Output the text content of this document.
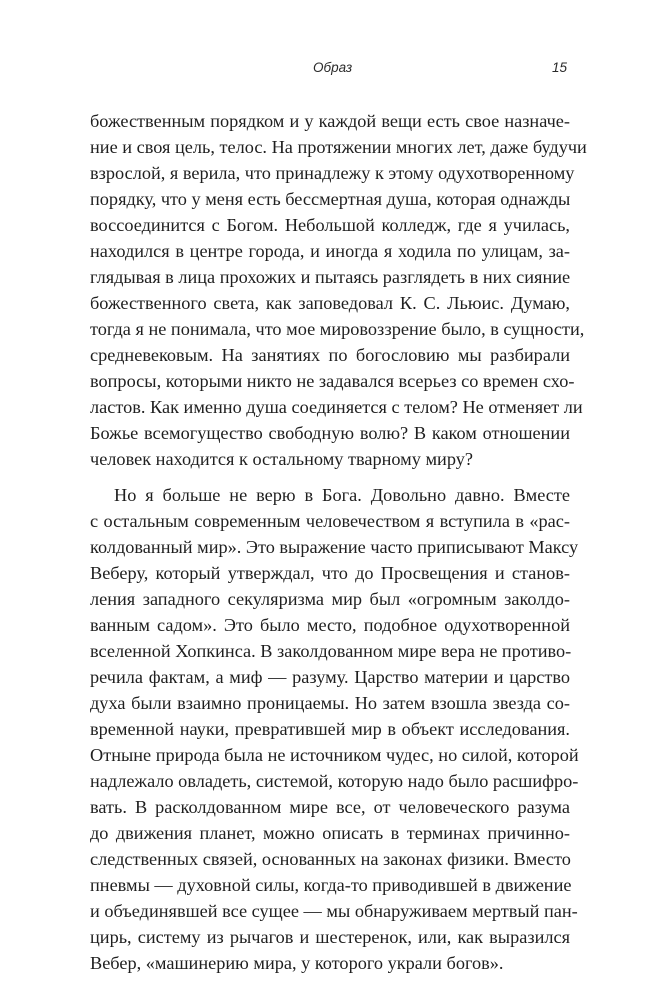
Образ	15
божественным порядком и у каждой вещи есть свое назначе-
ние и своя цель, телос. На протяжении многих лет, даже будучи
взрослой, я верила, что принадлежу к этому одухотворенному
порядку, что у меня есть бессмертная душа, которая однажды
воссоединится с Богом. Небольшой колледж, где я училась,
находился в центре города, и иногда я ходила по улицам, за-
глядывая в лица прохожих и пытаясь разглядеть в них сияние
божественного света, как заповедовал К. С. Льюис. Думаю,
тогда я не понимала, что мое мировоззрение было, в сущности,
средневековым. На занятиях по богословию мы разбирали
вопросы, которыми никто не задавался всерьез со времен схо-
ластов. Как именно душа соединяется с телом? Не отменяет ли
Божье всемогущество свободную волю? В каком отношении
человек находится к остальному тварному миру?
Но я больше не верю в Бога. Довольно давно. Вместе
с остальным современным человечеством я вступила в «рас-
колдованный мир». Это выражение часто приписывают Максу
Веберу, который утверждал, что до Просвещения и станов-
ления западного секуляризма мир был «огромным заколдо-
ванным садом». Это было место, подобное одухотворенной
вселенной Хопкинса. В заколдованном мире вера не противо-
речила фактам, а миф — разуму. Царство материи и царство
духа были взаимно проницаемы. Но затем взошла звезда со-
временной науки, превратившей мир в объект исследования.
Отныне природа была не источником чудес, но силой, которой
надлежало овладеть, системой, которую надо было расшифро-
вать. В расколдованном мире все, от человеческого разума
до движения планет, можно описать в терминах причинно-
следственных связей, основанных на законах физики. Вместо
пневмы — духовной силы, когда-то приводившей в движение
и объединявшей все сущее — мы обнаруживаем мертвый пан-
цирь, систему из рычагов и шестеренок, или, как выразился
Вебер, «машинерию мира, у которого украли богов».
